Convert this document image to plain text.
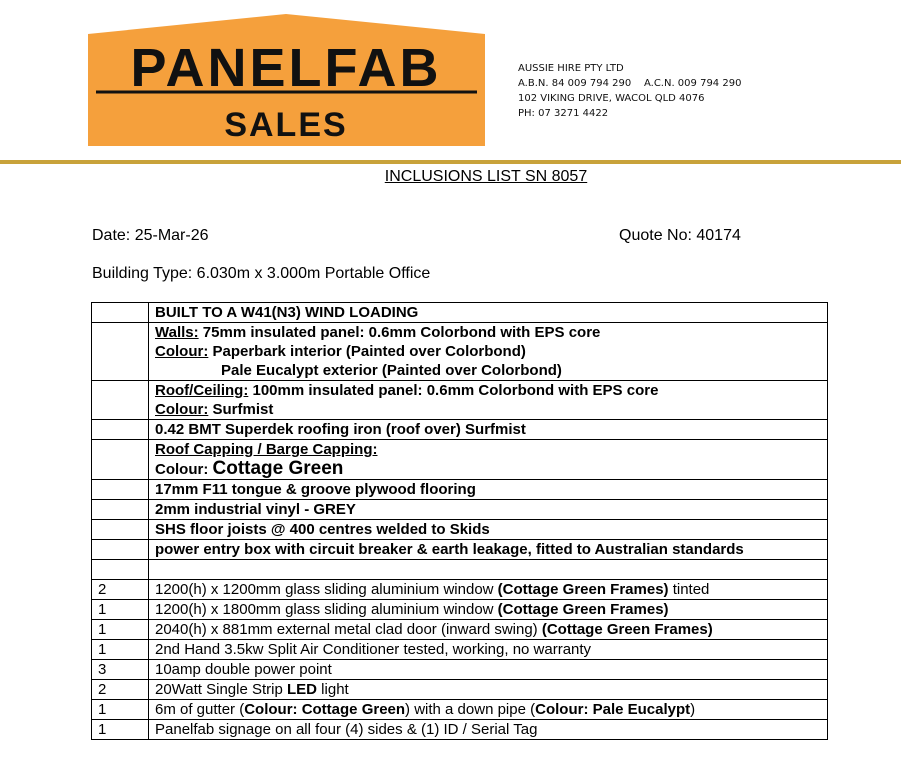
PANELFAB
SALES
AUSSIE HIRE PTY LTD
A.B.N. 84 009 794 290 A.C.N. 009 794 290
102 VIKING DRIVE, WACOL QLD 4076
PH: 07 3271 4422
INCLUSIONS LIST SN 8057
Date: 25-Mar-26	Quote No: 40174
Building Type: 6.030m x 3.000m Portable Office
	BUILT TO A W41(N3) WIND LOADING
	Walls: 75mm insulated panel: 0.6mm Colorbond with EPS core
Colour: Paperbark interior (Painted over Colorbond)
Pale Eucalypt exterior (Painted over Colorbond)
	Roof/Ceiling: 100mm insulated panel: 0.6mm Colorbond with EPS core
Colour: Surfmist
	0.42 BMT Superdek roofing iron (roof over) Surfmist
	Roof Capping / Barge Capping:
Colour: Cottage Green
	17mm F11 tongue & groove plywood flooring
	2mm industrial vinyl - GREY
	SHS floor joists @ 400 centres welded to Skids
	power entry box with circuit breaker & earth leakage, fitted to Australian standards

2	1200(h) x 1200mm glass sliding aluminium window (Cottage Green Frames) tinted
1	1200(h) x 1800mm glass sliding aluminium window (Cottage Green Frames)
1	2040(h) x 881mm external metal clad door (inward swing) (Cottage Green Frames)
1	2nd Hand 3.5kw Split Air Conditioner tested, working, no warranty
3	10amp double power point
2	20Watt Single Strip LED light
1	6m of gutter (Colour: Cottage Green) with a down pipe (Colour: Pale Eucalypt)
1	Panelfab signage on all four (4) sides & (1) ID / Serial Tag
